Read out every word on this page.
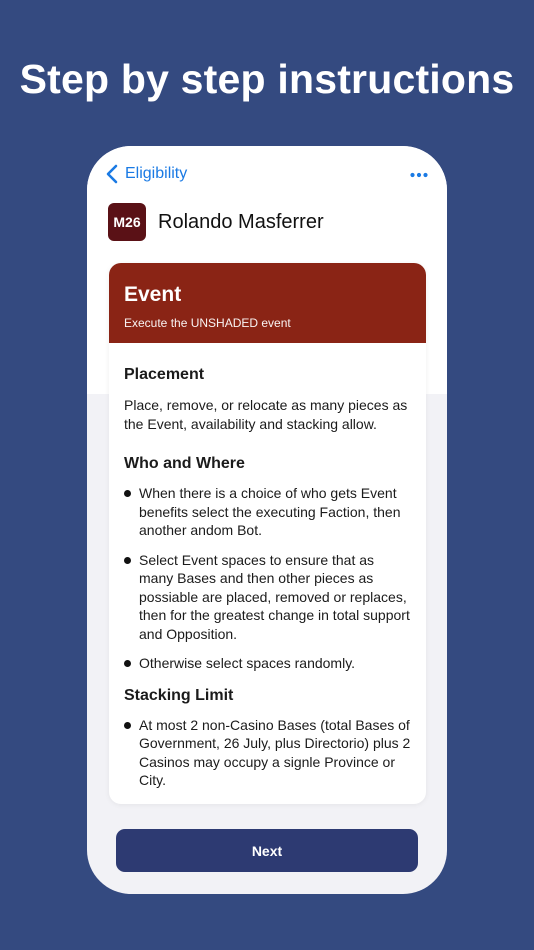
Step by step instructions
Eligibility
M26 Rolando Masferrer
Event
Execute the UNSHADED event
Placement

Place, remove, or relocate as many pieces as the Event, availability and stacking allow.

Who and Where
When there is a choice of who gets Event benefits select the executing Faction, then another andom Bot.
Select Event spaces to ensure that as many Bases and then other pieces as possiable are placed, removed or replaces, then for the greatest change in total support and Opposition.
Otherwise select spaces randomly.
Stacking Limit
At most 2 non-Casino Bases (total Bases of Government, 26 July, plus Directorio) plus 2 Casinos may occupy a signle Province or City.
Next
